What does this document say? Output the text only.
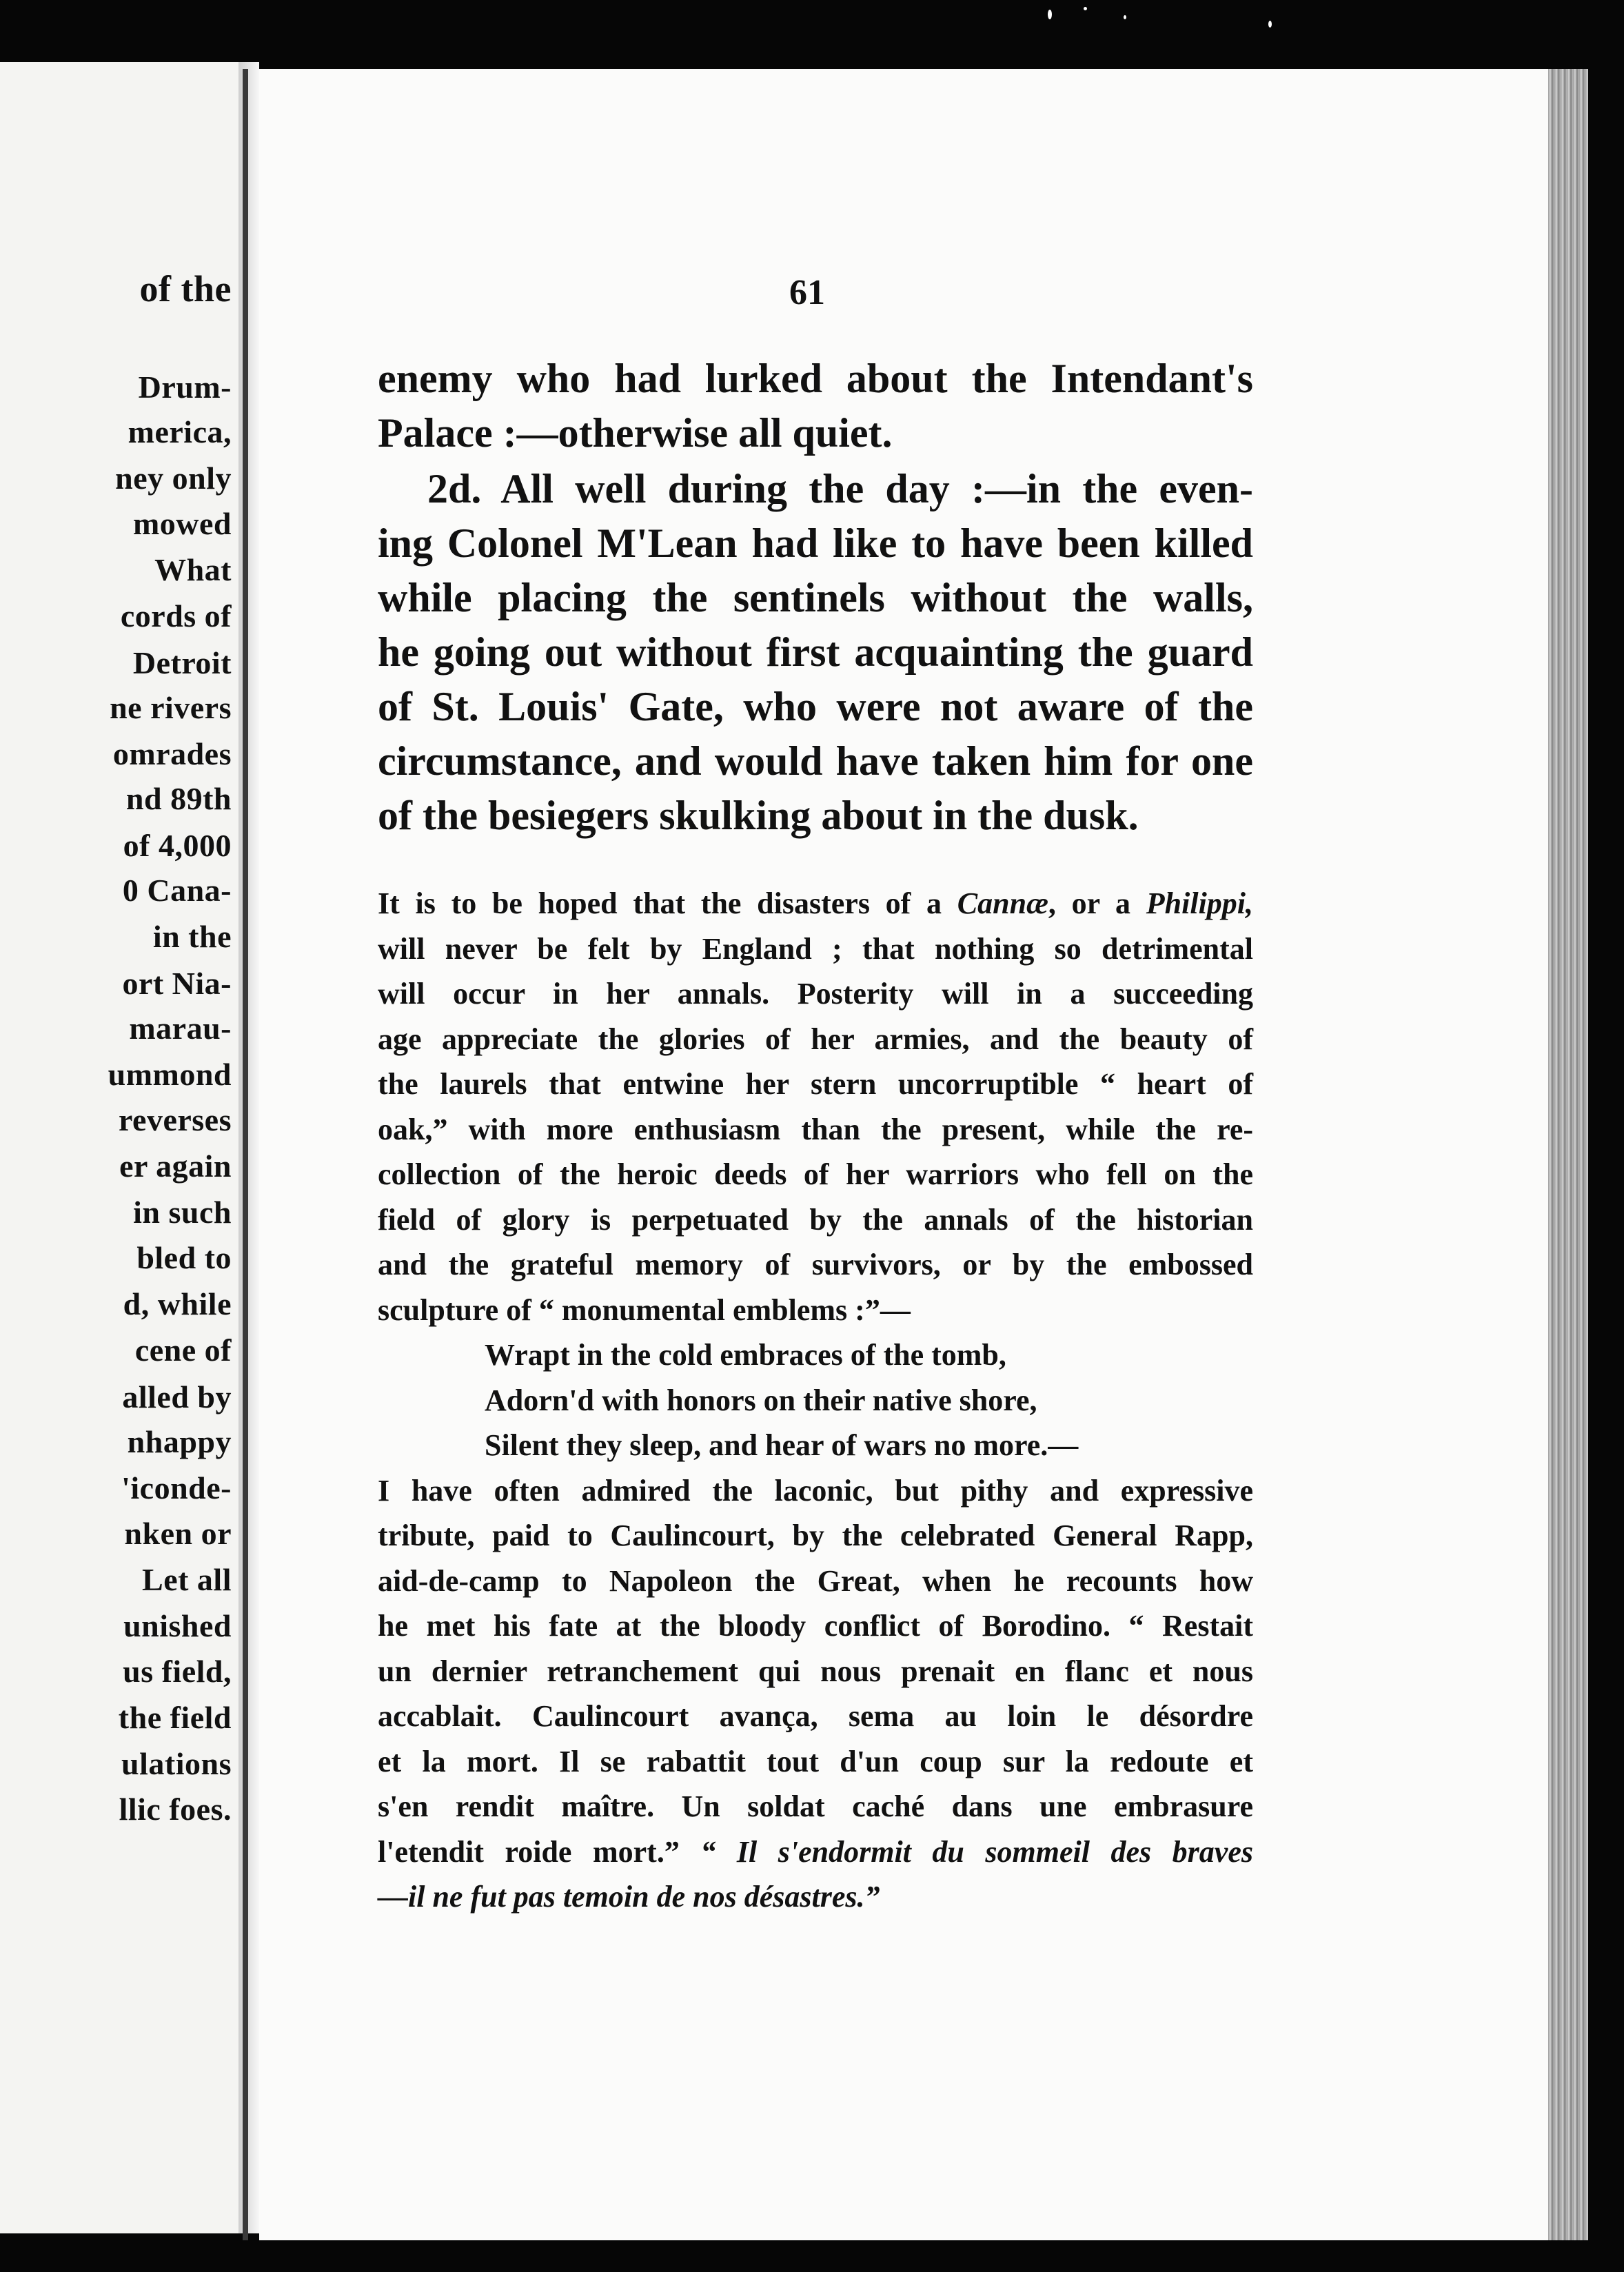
of the
Drum-
merica,
ney only
mowed
What
cords of
Detroit
ne rivers
omrades
nd 89th
of 4,000
0 Cana-
in the
ort Nia-
marau-
ummond
reverses
er again
in such
bled to
d, while
cene of
alled by
nhappy
'iconde-
nken or
Let all
unished
us field,
the field
ulations
llic foes.
61
enemy who had lurked about the Intendant's
Palace :—otherwise all quiet.
2d. All well during the day :—in the even-
ing Colonel M'Lean had like to have been killed
while placing the sentinels without the walls,
he going out without first acquainting the guard
of St. Louis' Gate, who were not aware of the
circumstance, and would have taken him for one
of the besiegers skulking about in the dusk.
It is to be hoped that the disasters of a Cannæ, or a Philippi,
will never be felt by England ; that nothing so detrimental
will occur in her annals. Posterity will in a succeeding
age appreciate the glories of her armies, and the beauty of
the laurels that entwine her stern uncorruptible “ heart of
oak,” with more enthusiasm than the present, while the re-
collection of the heroic deeds of her warriors who fell on the
field of glory is perpetuated by the annals of the historian
and the grateful memory of survivors, or by the embossed
sculpture of “ monumental emblems :”—
Wrapt in the cold embraces of the tomb,
Adorn'd with honors on their native shore,
Silent they sleep, and hear of wars no more.—
I have often admired the laconic, but pithy and expressive
tribute, paid to Caulincourt, by the celebrated General Rapp,
aid-de-camp to Napoleon the Great, when he recounts how
he met his fate at the bloody conflict of Borodino. “ Restait
un dernier retranchement qui nous prenait en flanc et nous
accablait. Caulincourt avança, sema au loin le désordre
et la mort. Il se rabattit tout d'un coup sur la redoute et
s'en rendit maître. Un soldat caché dans une embrasure
l'etendit roide mort.” “ Il s'endormit du sommeil des braves
—il ne fut pas temoin de nos désastres.”
